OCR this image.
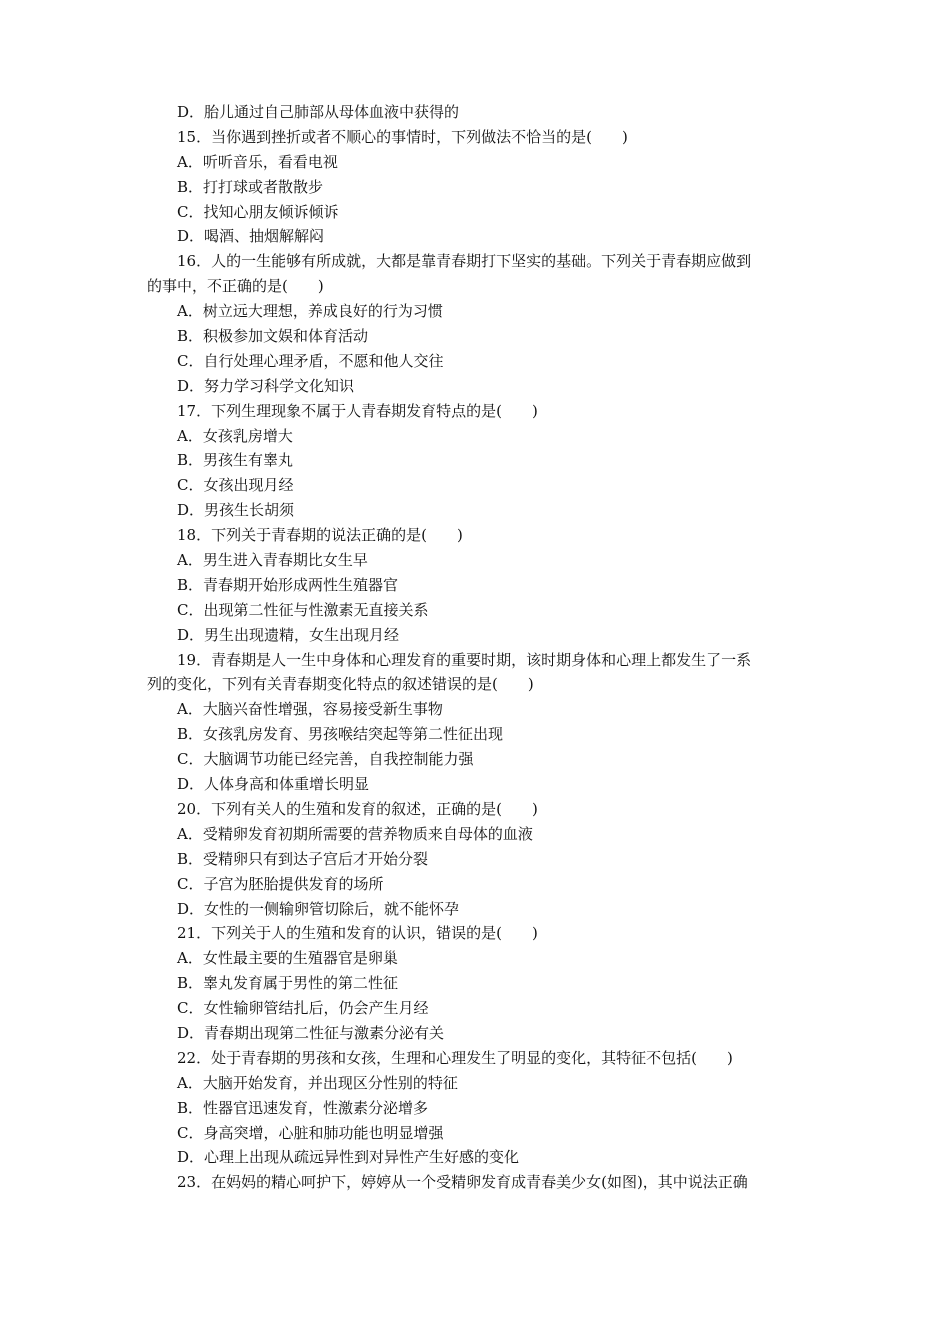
D．胎儿通过自己肺部从母体血液中获得的
15．当你遇到挫折或者不顺心的事情时，下列做法不恰当的是(　　)
A．听听音乐，看看电视
B．打打球或者散散步
C．找知心朋友倾诉倾诉
D．喝酒、抽烟解解闷
16．人的一生能够有所成就，大都是靠青春期打下坚实的基础。下列关于青春期应做到
的事中，不正确的是(　　)
A．树立远大理想，养成良好的行为习惯
B．积极参加文娱和体育活动
C．自行处理心理矛盾，不愿和他人交往
D．努力学习科学文化知识
17．下列生理现象不属于人青春期发育特点的是(　　)
A．女孩乳房增大
B．男孩生有睾丸
C．女孩出现月经
D．男孩生长胡须
18．下列关于青春期的说法正确的是(　　)
A．男生进入青春期比女生早
B．青春期开始形成两性生殖器官
C．出现第二性征与性激素无直接关系
D．男生出现遗精，女生出现月经
19．青春期是人一生中身体和心理发育的重要时期，该时期身体和心理上都发生了一系
列的变化，下列有关青春期变化特点的叙述错误的是(　　)
A．大脑兴奋性增强，容易接受新生事物
B．女孩乳房发育、男孩喉结突起等第二性征出现
C．大脑调节功能已经完善，自我控制能力强
D．人体身高和体重增长明显
20．下列有关人的生殖和发育的叙述，正确的是(　　)
A．受精卵发育初期所需要的营养物质来自母体的血液
B．受精卵只有到达子宫后才开始分裂
C．子宫为胚胎提供发育的场所
D．女性的一侧输卵管切除后，就不能怀孕
21．下列关于人的生殖和发育的认识，错误的是(　　)
A．女性最主要的生殖器官是卵巢
B．睾丸发育属于男性的第二性征
C．女性输卵管结扎后，仍会产生月经
D．青春期出现第二性征与激素分泌有关
22．处于青春期的男孩和女孩，生理和心理发生了明显的变化，其特征不包括(　　)
A．大脑开始发育，并出现区分性别的特征
B．性器官迅速发育，性激素分泌增多
C．身高突增，心脏和肺功能也明显增强
D．心理上出现从疏远异性到对异性产生好感的变化
23．在妈妈的精心呵护下，婷婷从一个受精卵发育成青春美少女(如图)，其中说法正确
